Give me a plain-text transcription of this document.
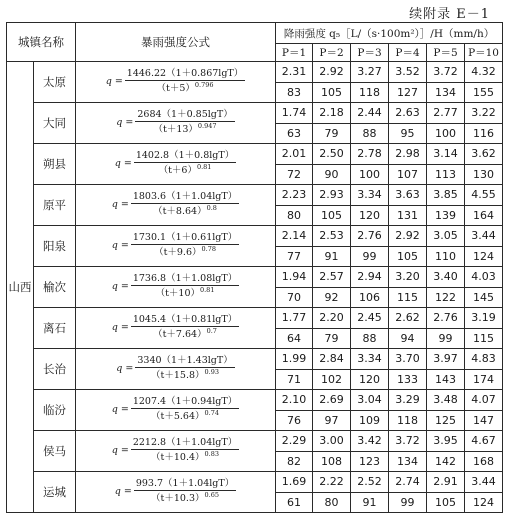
续附录 E－1
城镇名称		暴雨强度公式	降雨强度 q₅［L/（s·100m²）］/H（mm/h）					
			P＝1	P＝2	P＝3	P＝4	P＝5	P＝10
山西	太原	$q = \frac{1446.22(1+0.867\lg T)}{(t+5)^{0.796}}$	2.31	2.92	3.27	3.52	3.72	4.32
			83	105	118	127	134	155
	大同	$q = \frac{2684(1+0.85\lg T)}{(t+13)^{0.947}}$	1.74	2.18	2.44	2.63	2.77	3.22
			63	79	88	95	100	116
	朔县	$q = \frac{1402.8(1+0.8\lg T)}{(t+6)^{0.81}}$	2.01	2.50	2.78	2.98	3.14	3.62
			72	90	100	107	113	130
	原平	$q = \frac{1803.6(1+1.04\lg T)}{(t+8.64)^{0.8}}$	2.23	2.93	3.34	3.63	3.85	4.55
			80	105	120	131	139	164
	阳泉	$q = \frac{1730.1(1+0.61\lg T)}{(t+9.6)^{0.78}}$	2.14	2.53	2.76	2.92	3.05	3.44
			77	91	99	105	110	124
	榆次	$q = \frac{1736.8(1+1.08\lg T)}{(t+10)^{0.81}}$	1.94	2.57	2.94	3.20	3.40	4.03
			70	92	106	115	122	145
	离石	$q = \frac{1045.4(1+0.81\lg T)}{(t+7.64)^{0.7}}$	1.77	2.20	2.45	2.62	2.76	3.19
			64	79	88	94	99	115
	长治	$q = \frac{3340(1+1.43\lg T)}{(t+15.8)^{0.93}}$	1.99	2.84	3.34	3.70	3.97	4.83
			71	102	120	133	143	174
	临汾	$q = \frac{1207.4(1+0.94\lg T)}{(t+5.64)^{0.74}}$	2.10	2.69	3.04	3.29	3.48	4.07
			76	97	109	118	125	147
	侯马	$q = \frac{2212.8(1+1.04\lg T)}{(t+10.4)^{0.83}}$	2.29	3.00	3.42	3.72	3.95	4.67
			82	108	123	134	142	168
	运城	$q = \frac{993.7(1+1.04\lg T)}{(t+10.3)^{0.65}}$	1.69	2.22	2.52	2.74	2.91	3.44
			61	80	91	99	105	124
